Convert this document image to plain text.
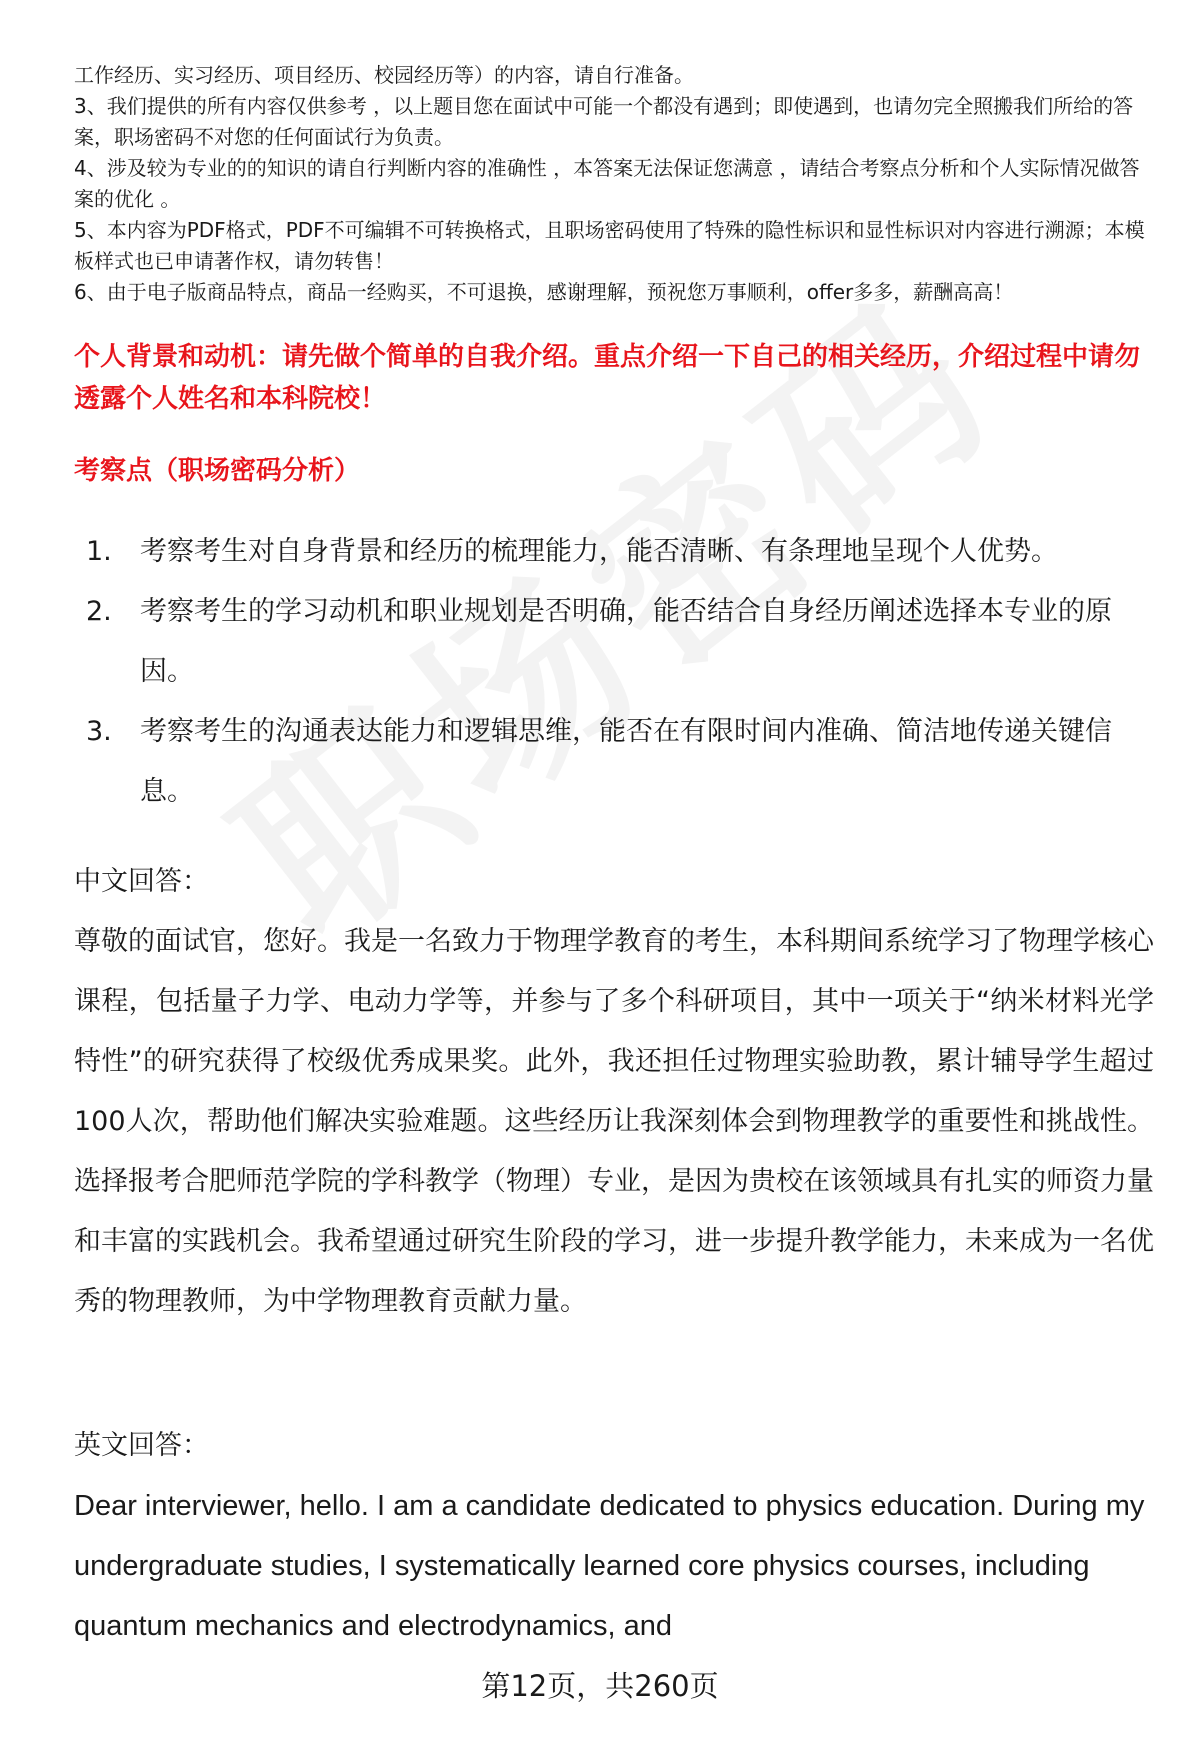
工作经历、实习经历、项目经历、校园经历等）的内容，请自行准备。

3、我们提供的所有内容仅供参考 ，以上题目您在面试中可能一个都没有遇到；即使遇到，也请勿完全照搬我们所给的答案，职场密码不对您的任何面试行为负责。

4、涉及较为专业的的知识的请自行判断内容的准确性 ，本答案无法保证您满意 ，请结合考察点分析和个人实际情况做答案的优化 。

5、本内容为PDF格式，PDF不可编辑不可转换格式，且职场密码使用了特殊的隐性标识和显性标识对内容进行溯源；本模板样式也已申请著作权，请勿转售！

6、由于电子版商品特点，商品一经购买，不可退换，感谢理解，预祝您万事顺利，offer多多，薪酬高高！

个人背景和动机：请先做个简单的自我介绍。重点介绍一下自己的相关经历，介绍过程中请勿透露个人姓名和本科院校！
考察点（职场密码分析）
1.	考察考生对自身背景和经历的梳理能力，能否清晰、有条理地呈现个人优势。
2.	考察考生的学习动机和职业规划是否明确，能否结合自身经历阐述选择本专业的原因。
3.	考察考生的沟通表达能力和逻辑思维，能否在有限时间内准确、简洁地传递关键信息。
中文回答：

尊敬的面试官，您好。我是一名致力于物理学教育的考生，本科期间系统学习了物理学核心课程，包括量子力学、电动力学等，并参与了多个科研项目，其中一项关于“纳米材料光学特性”的研究获得了校级优秀成果奖。此外，我还担任过物理实验助教，累计辅导学生超过100人次，帮助他们解决实验难题。这些经历让我深刻体会到物理教学的重要性和挑战性。选择报考合肥师范学院的学科教学（物理）专业，是因为贵校在该领域具有扎实的师资力量和丰富的实践机会。我希望通过研究生阶段的学习，进一步提升教学能力，未来成为一名优秀的物理教师，为中学物理教育贡献力量。

英文回答：

Dear interviewer, hello. I am a candidate dedicated to physics education. During my undergraduate studies, I systematically learned core physics courses, including quantum mechanics and electrodynamics, and

第12页，共260页
